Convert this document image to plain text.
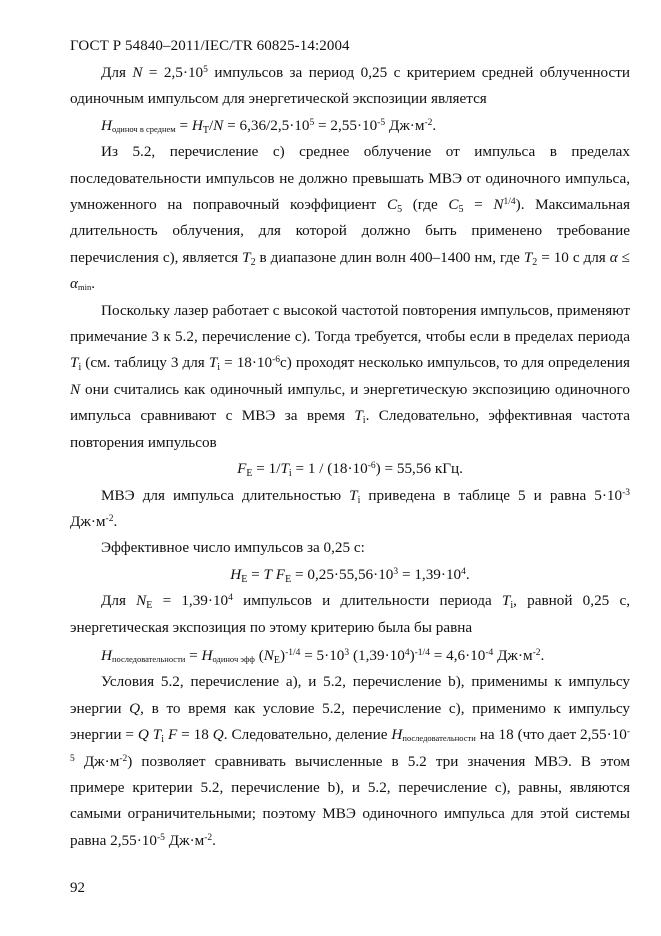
ГОСТ Р 54840–2011/IEC/TR 60825-14:2004

Для $N = 2,5\cdot 10^5$ импульсов за период 0,25 с критерием средней облученности одиночным импульсом для энергетической экспозиции является

$H_{одиноч в среднем} = H_T/N = 6,36/2,5\cdot 10^5 = 2,55\cdot 10^{-5}$ $Дж\cdot м^{-2}$.

Из 5.2, перечисление с) среднее облучение от импульса в пределах последовательности импульсов не должно превышать МВЭ от одиночного импульса, умноженного на поправочный коэффициент $C_5$ (где $C_5 = N^{1/4}$). Максимальная длительность облучения, для которой должно быть применено требование перечисления с), является $T_2$ в диапазоне длин волн 400–1400 нм, где $T_2 = 10$ с для $\alpha \le \alpha_{min}$.

Поскольку лазер работает с высокой частотой повторения импульсов, применяют примечание 3 к 5.2, перечисление с). Тогда требуется, чтобы если в пределах периода $T_i$ (см. таблицу 3 для $T_i = 18\cdot 10^{-6}с$) проходят несколько импульсов, то для определения N они считались как одиночный импульс, и энергетическую экспозицию одиночного импульса сравнивают с МВЭ за время $T_i$. Следовательно, эффективная частота повторения импульсов

$F_E = 1/T_i = 1 / (18\cdot 10^{-6}) = 55,56$ кГц.

МВЭ для импульса длительностью $T_i$ приведена в таблице 5 и равна $5\cdot 10^{-3}$ $Дж\cdot м^{-2}$.

Эффективное число импульсов за 0,25 с:

$H_E = T$ $F_E = 0,25\cdot 55,56\cdot 10^3 = 1,39\cdot 10^4$.

Для $N_E = 1,39\cdot 10^4$ импульсов и длительности периода $T_i$, равной 0,25 с, энергетическая экспозиция по этому критерию была бы равна

$H_{последовательности} = H_{одиноч эфф}$ $(N_E)^{-1/4} = 5\cdot 10^3$ $(1,39\cdot 10^4)^{-1/4} = 4,6\cdot 10^{-4}$ $Дж\cdot м^{-2}$.

Условия 5.2, перечисление а), и 5.2, перечисление b), применимы к импульсу энергии Q, в то время как условие 5.2, перечисление с), применимо к импульсу энергии = Q $T_i$ F = 18 Q. Следовательно, деление $H_{последовательности}$ на 18 (что дает $2,55\cdot 10^{-5}$ $Дж\cdot м^{-2}$) позволяет сравнивать вычисленные в 5.2 три значения МВЭ. В этом примере критерии 5.2, перечисление b), и 5.2, перечисление с), равны, являются самыми ограничительными; поэтому МВЭ одиночного импульса для этой системы равна $2,55\cdot 10^{-5}$ $Дж\cdot м^{-2}$.

92
